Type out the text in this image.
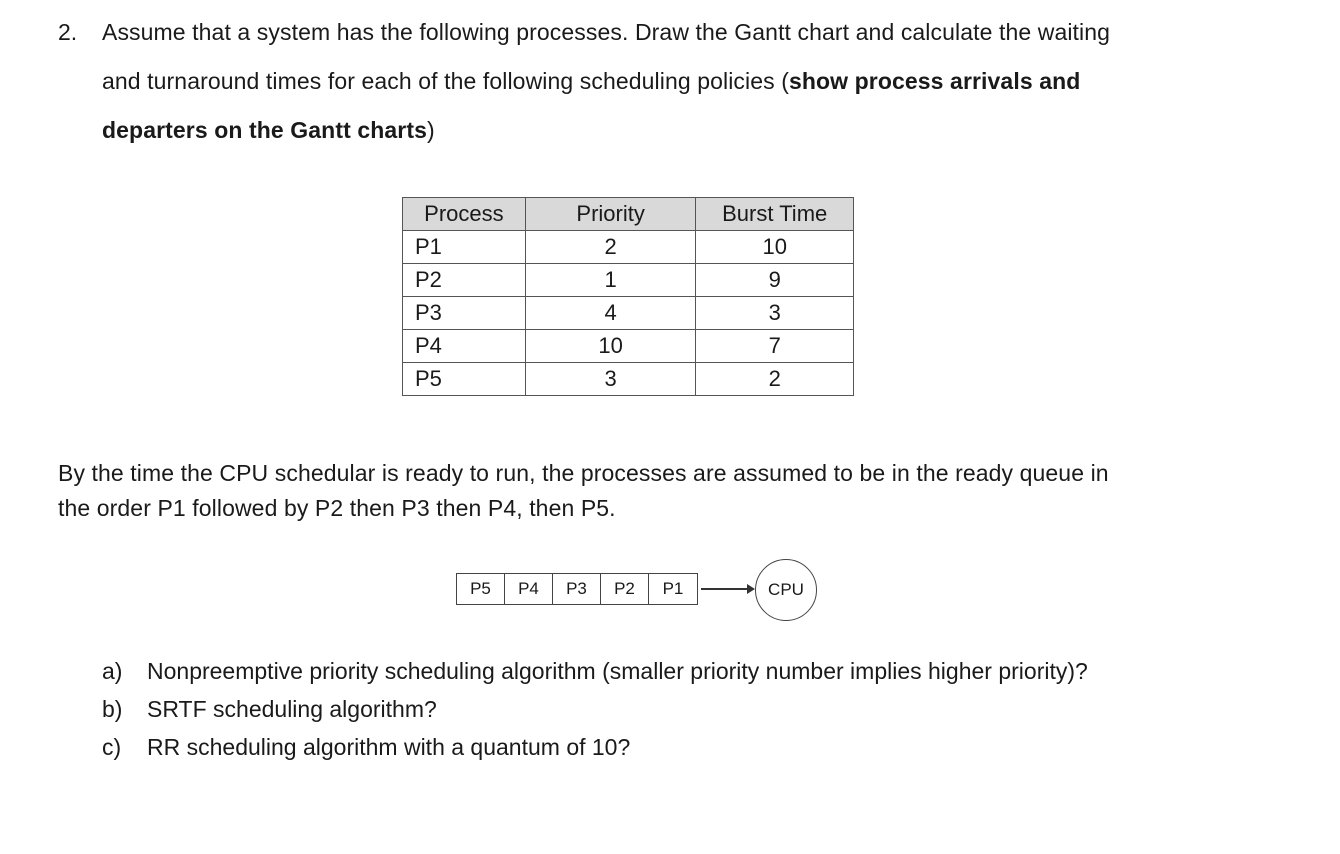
2. Assume that a system has the following processes. Draw the Gantt chart and calculate the waiting
and turnaround times for each of the following scheduling policies (show process arrivals and
departers on the Gantt charts)
Process	Priority	Burst Time
P1	2	10
P2	1	9
P3	4	3
P4	10	7
P5	3	2
By the time the CPU schedular is ready to run, the processes are assumed to be in the ready queue in
the order P1 followed by P2 then P3 then P4, then P5.
P5	P4	P3	P2	P1	CPU
a) Nonpreemptive priority scheduling algorithm (smaller priority number implies higher priority)?
b) SRTF scheduling algorithm?
c) RR scheduling algorithm with a quantum of 10?
